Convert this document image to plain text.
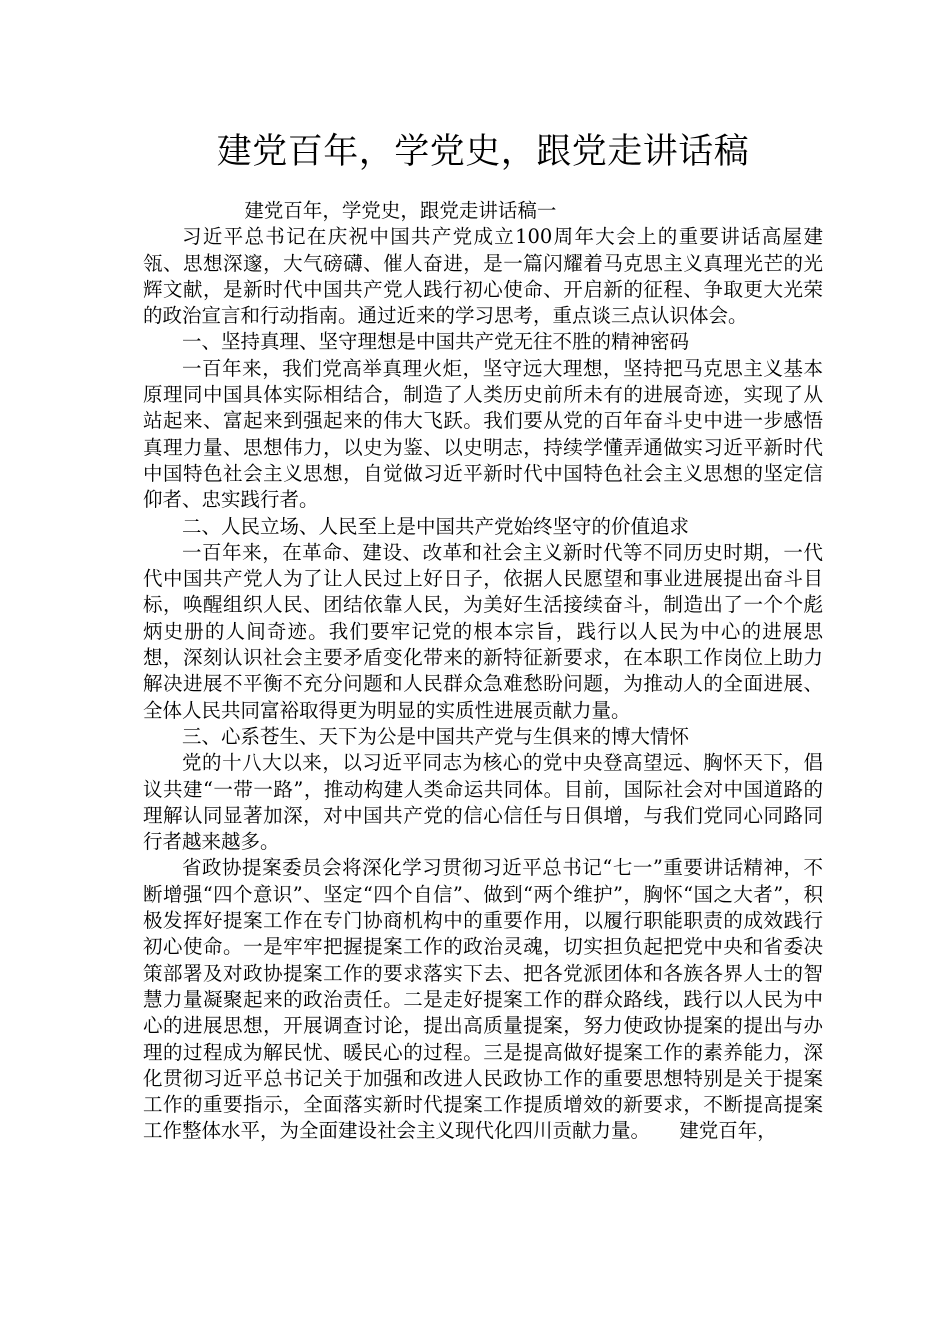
建党百年，学党史，跟党走讲话稿

建党百年，学党史，跟党走讲话稿一

习近平总书记在庆祝中国共产党成立100周年大会上的重要讲话高屋建瓴、思想深邃，大气磅礴、催人奋进，是一篇闪耀着马克思主义真理光芒的光辉文献，是新时代中国共产党人践行初心使命、开启新的征程、争取更大光荣的政治宣言和行动指南。通过近来的学习思考，重点谈三点认识体会。

一、坚持真理、坚守理想是中国共产党无往不胜的精神密码

一百年来，我们党高举真理火炬，坚守远大理想，坚持把马克思主义基本原理同中国具体实际相结合，制造了人类历史前所未有的进展奇迹，实现了从站起来、富起来到强起来的伟大飞跃。我们要从党的百年奋斗史中进一步感悟真理力量、思想伟力，以史为鉴、以史明志，持续学懂弄通做实习近平新时代中国特色社会主义思想，自觉做习近平新时代中国特色社会主义思想的坚定信仰者、忠实践行者。

二、人民立场、人民至上是中国共产党始终坚守的价值追求

一百年来，在革命、建设、改革和社会主义新时代等不同历史时期，一代代中国共产党人为了让人民过上好日子，依据人民愿望和事业进展提出奋斗目标，唤醒组织人民、团结依靠人民，为美好生活接续奋斗，制造出了一个个彪炳史册的人间奇迹。我们要牢记党的根本宗旨，践行以人民为中心的进展思想，深刻认识社会主要矛盾变化带来的新特征新要求，在本职工作岗位上助力解决进展不平衡不充分问题和人民群众急难愁盼问题，为推动人的全面进展、全体人民共同富裕取得更为明显的实质性进展贡献力量。

三、心系苍生、天下为公是中国共产党与生俱来的博大情怀

党的十八大以来，以习近平同志为核心的党中央登高望远、胸怀天下，倡议共建“一带一路”，推动构建人类命运共同体。目前，国际社会对中国道路的理解认同显著加深，对中国共产党的信心信任与日俱增，与我们党同心同路同行者越来越多。

省政协提案委员会将深化学习贯彻习近平总书记“七一”重要讲话精神，不断增强“四个意识”、坚定“四个自信”、做到“两个维护”，胸怀“国之大者”，积极发挥好提案工作在专门协商机构中的重要作用，以履行职能职责的成效践行初心使命。一是牢牢把握提案工作的政治灵魂，切实担负起把党中央和省委决策部署及对政协提案工作的要求落实下去、把各党派团体和各族各界人士的智慧力量凝聚起来的政治责任。二是走好提案工作的群众路线，践行以人民为中心的进展思想，开展调查讨论，提出高质量提案，努力使政协提案的提出与办理的过程成为解民忧、暖民心的过程。三是提高做好提案工作的素养能力，深化贯彻习近平总书记关于加强和改进人民政协工作的重要思想特别是关于提案工作的重要指示，全面落实新时代提案工作提质增效的新要求，不断提高提案工作整体水平，为全面建设社会主义现代化四川贡献力量。　　建党百年，
